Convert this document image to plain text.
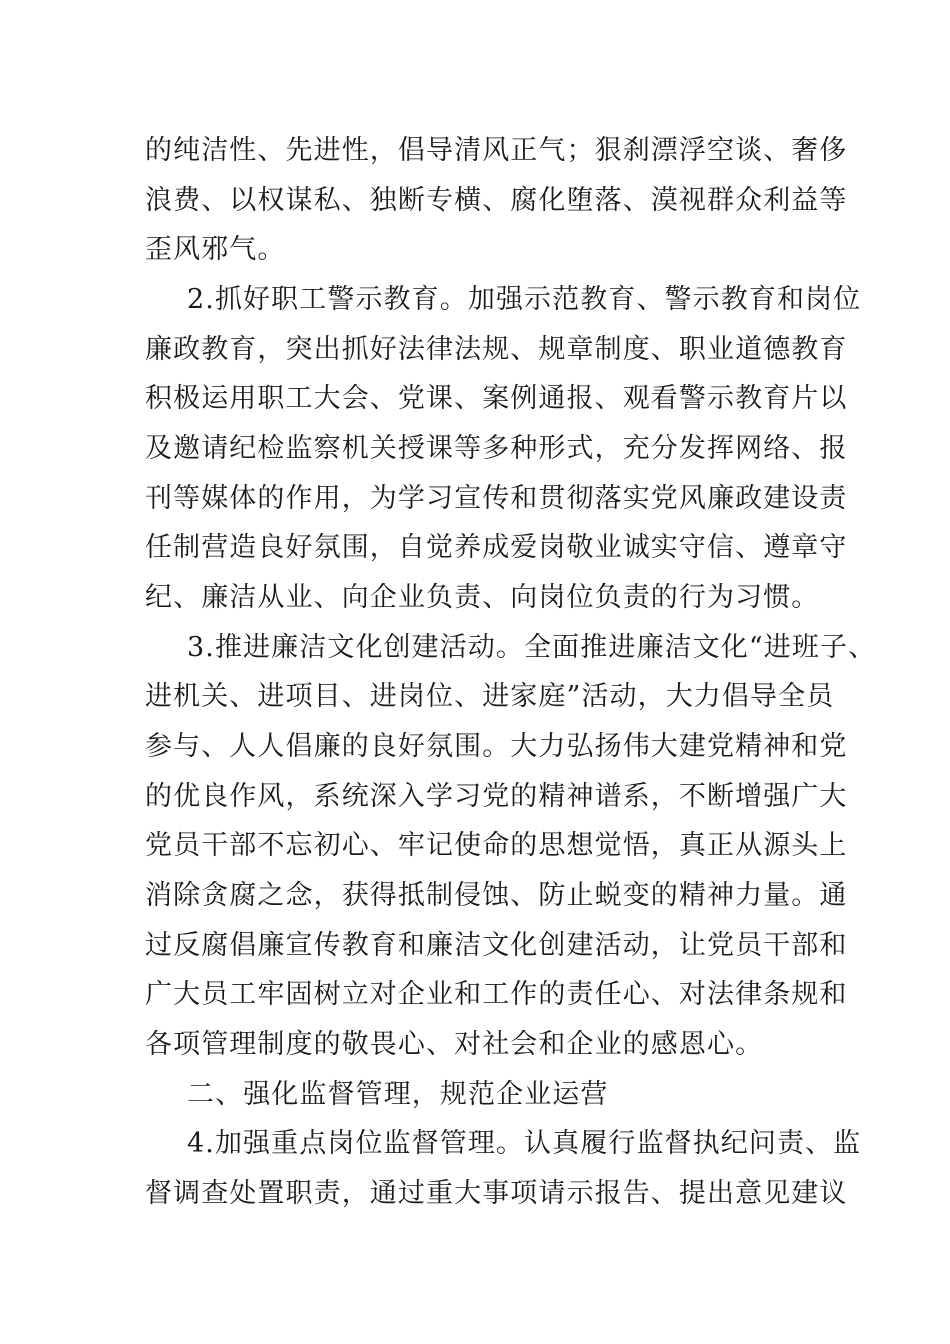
的纯洁性、先进性，倡导清风正气；狠刹漂浮空谈、奢侈
浪费、以权谋私、独断专横、腐化堕落、漠视群众利益等
歪风邪气。
2.抓好职工警示教育。加强示范教育、警示教育和岗位
廉政教育，突出抓好法律法规、规章制度、职业道德教育
积极运用职工大会、党课、案例通报、观看警示教育片以
及邀请纪检监察机关授课等多种形式，充分发挥网络、报
刊等媒体的作用，为学习宣传和贯彻落实党风廉政建设责
任制营造良好氛围，自觉养成爱岗敬业诚实守信、遵章守
纪、廉洁从业、向企业负责、向岗位负责的行为习惯。
3.推进廉洁文化创建活动。全面推进廉洁文化“进班子、
进机关、进项目、进岗位、进家庭”活动，大力倡导全员
参与、人人倡廉的良好氛围。大力弘扬伟大建党精神和党
的优良作风，系统深入学习党的精神谱系，不断增强广大
党员干部不忘初心、牢记使命的思想觉悟，真正从源头上
消除贪腐之念，获得抵制侵蚀、防止蜕变的精神力量。通
过反腐倡廉宣传教育和廉洁文化创建活动，让党员干部和
广大员工牢固树立对企业和工作的责任心、对法律条规和
各项管理制度的敬畏心、对社会和企业的感恩心。
二、强化监督管理，规范企业运营
4.加强重点岗位监督管理。认真履行监督执纪问责、监
督调查处置职责，通过重大事项请示报告、提出意见建议
